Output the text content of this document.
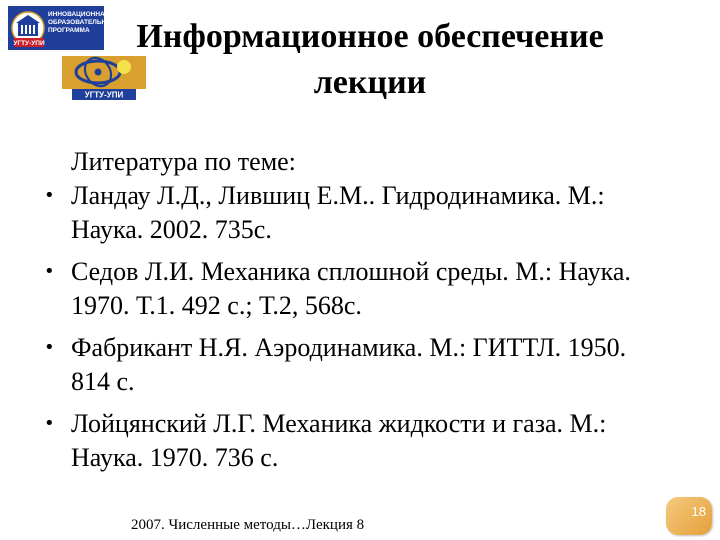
ИННОВАЦИОННАЯ
ОБРАЗОВАТЕЛЬНАЯ
ПРОГРАММА
УГТУ-УПИ
УГТУ-УПИ
Информационное обеспечение
лекции
Литература по теме:
• Ландау Л.Д., Лившиц Е.М.. Гидродинамика. М.:
Наука. 2002. 735с.
• Седов Л.И. Механика сплошной среды. М.: Наука.
1970. Т.1. 492 с.; Т.2, 568с.
• Фабрикант Н.Я. Аэродинамика. М.: ГИТТЛ. 1950.
814 с.
• Лойцянский Л.Г. Механика жидкости и газа. М.:
Наука. 1970. 736 с.
2007. Численные методы…Лекция 8
18
